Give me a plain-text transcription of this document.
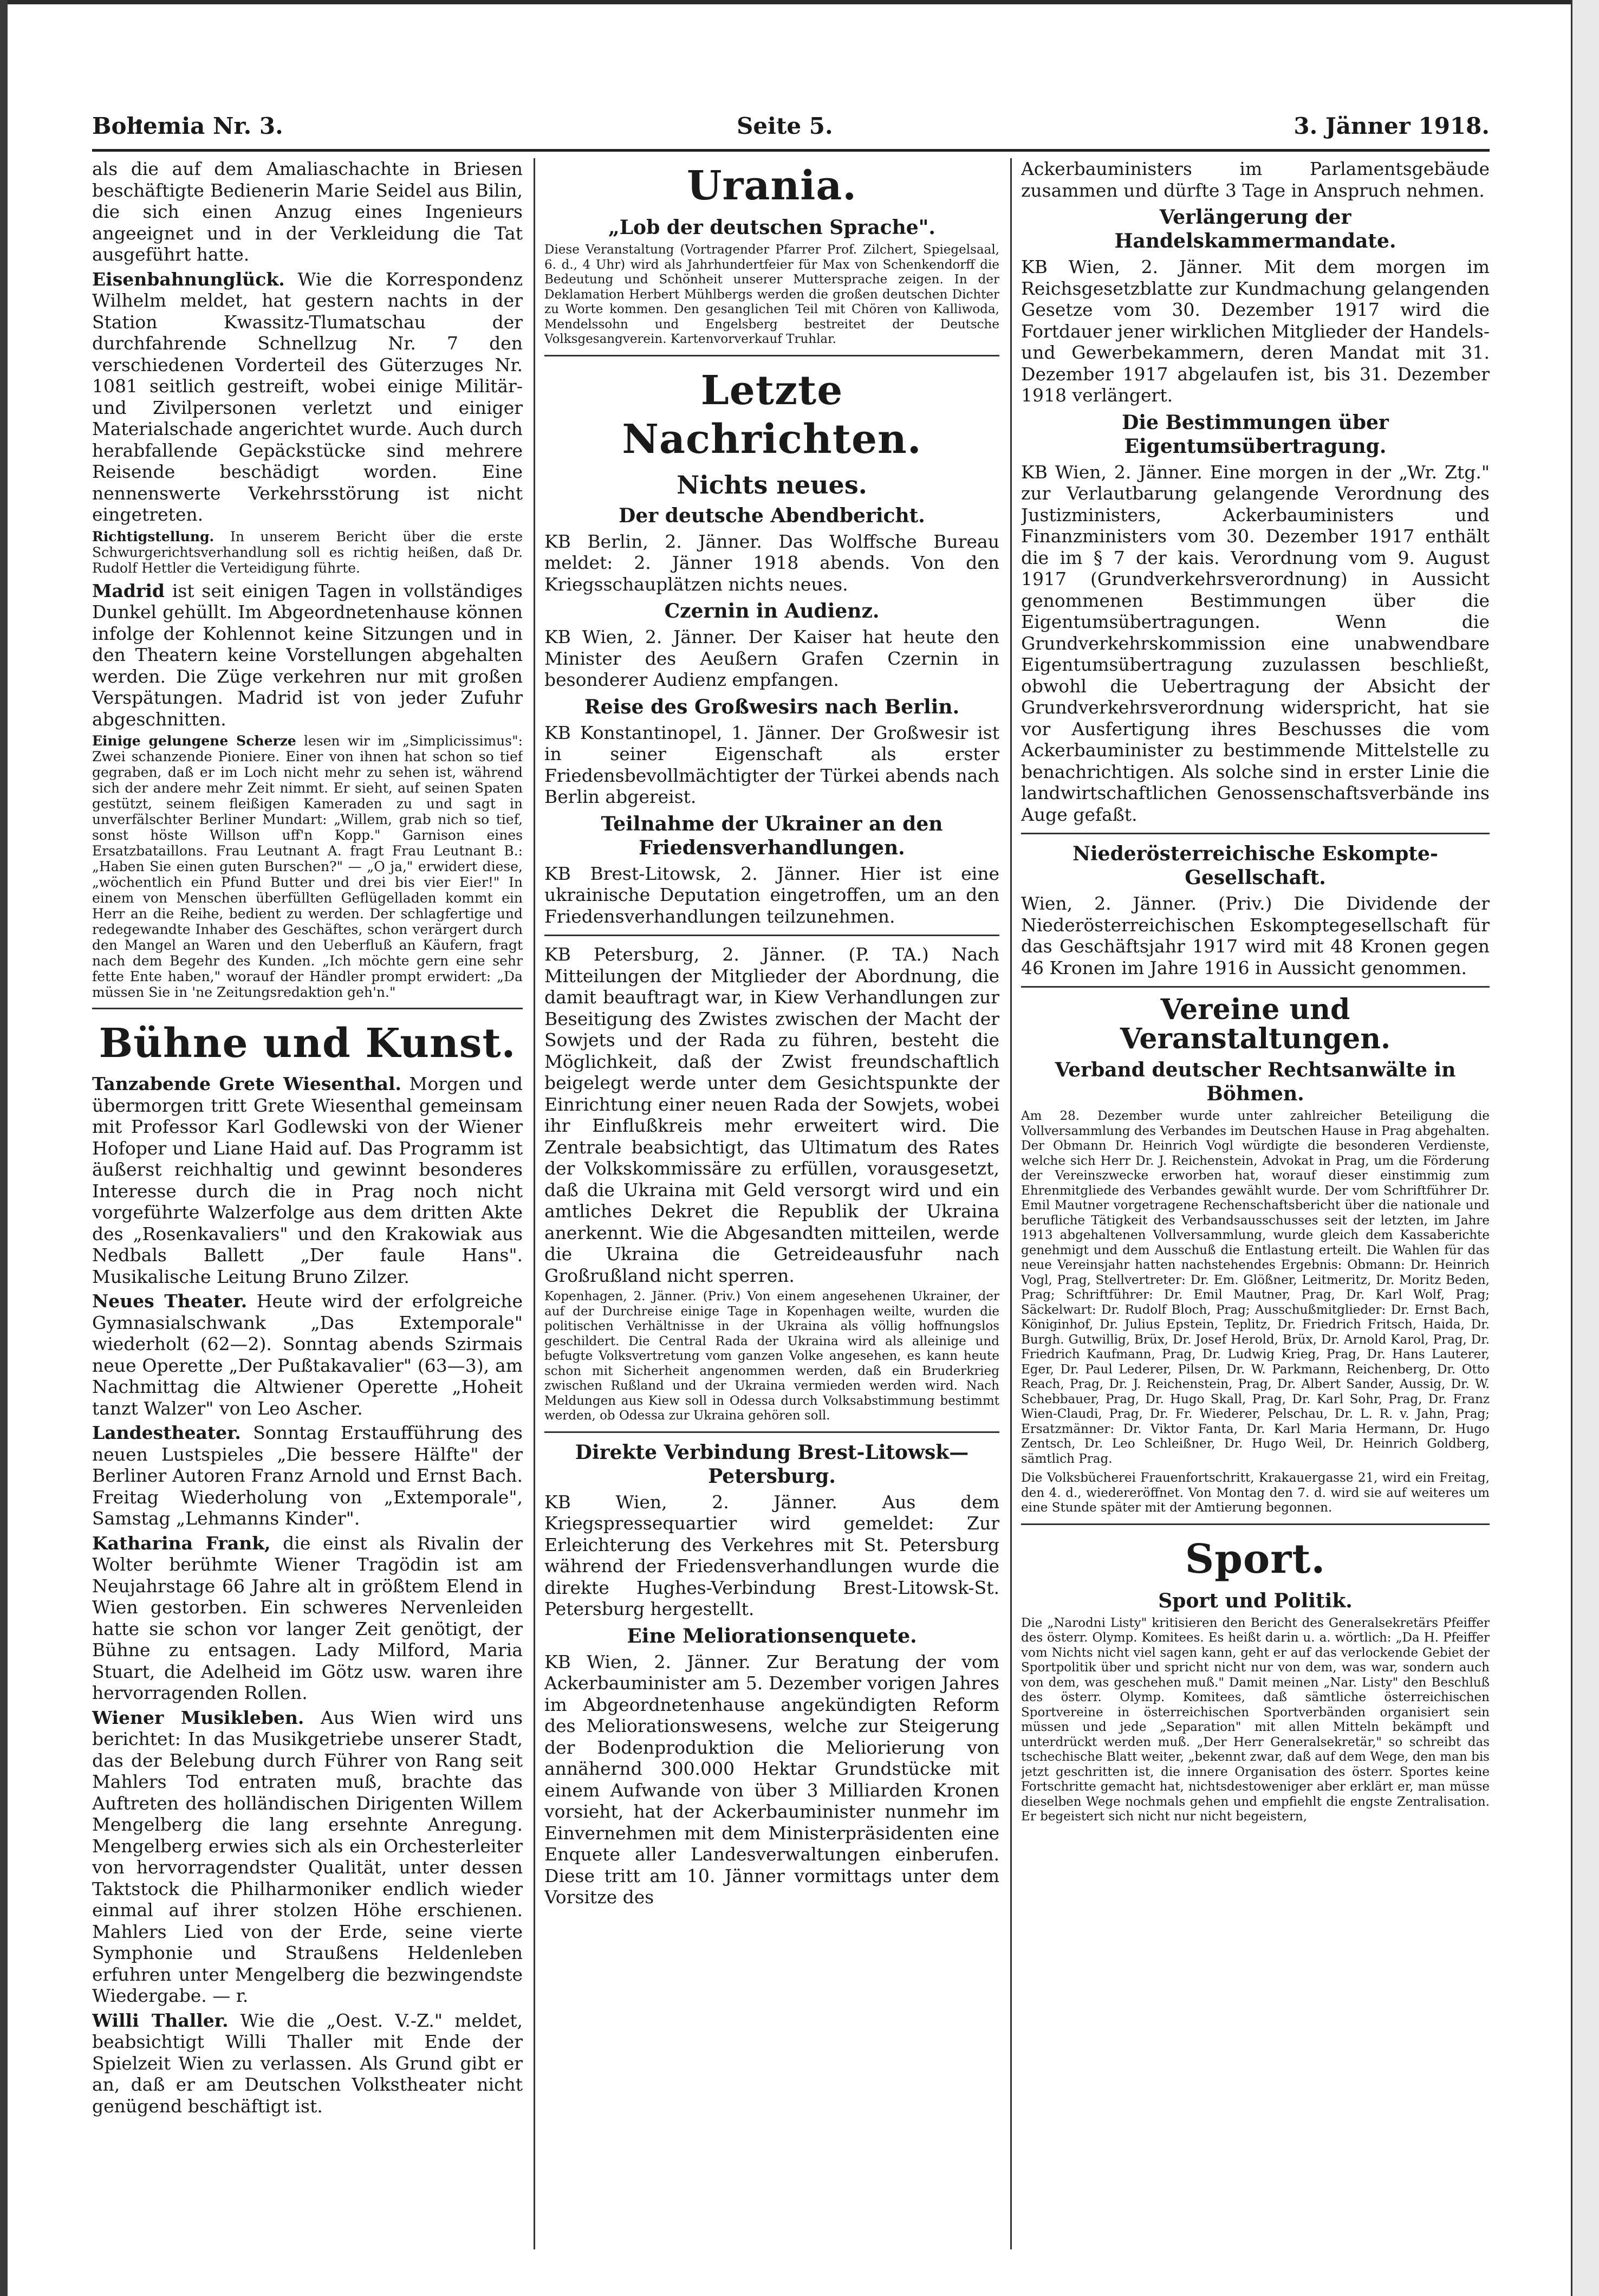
Bohemia Nr. 3.	Seite 5.	3. Jänner 1918.

als die auf dem Amaliaschachte in Briesen beschäftigte Bedienerin Marie Seidel aus Bilin, die sich einen Anzug eines Ingenieurs angeeignet und in der Verkleidung die Tat ausgeführt hatte.

Eisenbahnunglück. Wie die Korrespondenz Wilhelm meldet, hat gestern nachts in der Station Kwassitz-Tlumatschau der durchfahrende Schnellzug Nr. 7 den verschiedenen Vorderteil des Güterzuges Nr. 1081 seitlich gestreift, wobei einige Militär- und Zivilpersonen verletzt und einiger Materialschade angerichtet wurde. Auch durch herabfallende Gepäckstücke sind mehrere Reisende beschädigt worden. Eine nennenswerte Verkehrsstörung ist nicht eingetreten.

Richtigstellung. In unserem Bericht über die erste Schwurgerichtsverhandlung soll es richtig heißen, daß Dr. Rudolf Hettler die Verteidigung führte.

Madrid ist seit einigen Tagen in vollständiges Dunkel gehüllt. Im Abgeordnetenhause können infolge der Kohlennot keine Sitzungen und in den Theatern keine Vorstellungen abgehalten werden. Die Züge verkehren nur mit großen Verspätungen. Madrid ist von jeder Zufuhr abgeschnitten.

Einige gelungene Scherze lesen wir im „Simplicissimus": Zwei schanzende Pioniere. Einer von ihnen hat schon so tief gegraben, daß er im Loch nicht mehr zu sehen ist, während sich der andere mehr Zeit nimmt. Er sieht, auf seinen Spaten gestützt, seinem fleißigen Kameraden zu und sagt in unverfälschter Berliner Mundart: „Willem, grab nich so tief, sonst höste Willson uff'n Kopp." Garnison eines Ersatzbataillons. Frau Leutnant A. fragt Frau Leutnant B.: „Haben Sie einen guten Burschen?" — „O ja," erwidert diese, „wöchentlich ein Pfund Butter und drei bis vier Eier!" In einem von Menschen überfüllten Geflügelladen kommt ein Herr an die Reihe, bedient zu werden. Der schlagfertige und redegewandte Inhaber des Geschäftes, schon verärgert durch den Mangel an Waren und den Ueberfluß an Käufern, fragt nach dem Begehr des Kunden. „Ich möchte gern eine sehr fette Ente haben," worauf der Händler prompt erwidert: „Da müssen Sie in 'ne Zeitungsredaktion geh'n."

Bühne und Kunst.

Tanzabende Grete Wiesenthal. Morgen und übermorgen tritt Grete Wiesenthal gemeinsam mit Professor Karl Godlewski von der Wiener Hofoper und Liane Haid auf. Das Programm ist äußerst reichhaltig und gewinnt besonderes Interesse durch die in Prag noch nicht vorgeführte Walzerfolge aus dem dritten Akte des „Rosenkavaliers" und den Krakowiak aus Nedbals Ballett „Der faule Hans". Musikalische Leitung Bruno Zilzer.

Neues Theater. Heute wird der erfolgreiche Gymnasialschwank „Das Extemporale" wiederholt (62—2). Sonntag abends Szirmais neue Operette „Der Pußtakavalier" (63—3), am Nachmittag die Altwiener Operette „Hoheit tanzt Walzer" von Leo Ascher.

Landestheater. Sonntag Erstaufführung des neuen Lustspieles „Die bessere Hälfte" der Berliner Autoren Franz Arnold und Ernst Bach. Freitag Wiederholung von „Extemporale", Samstag „Lehmanns Kinder".

Katharina Frank, die einst als Rivalin der Wolter berühmte Wiener Tragödin ist am Neujahrstage 66 Jahre alt in größtem Elend in Wien gestorben. Ein schweres Nervenleiden hatte sie schon vor langer Zeit genötigt, der Bühne zu entsagen. Lady Milford, Maria Stuart, die Adelheid im Götz usw. waren ihre hervorragenden Rollen.

Wiener Musikleben. Aus Wien wird uns berichtet: In das Musikgetriebe unserer Stadt, das der Belebung durch Führer von Rang seit Mahlers Tod entraten muß, brachte das Auftreten des holländischen Dirigenten Willem Mengelberg die lang ersehnte Anregung. Mengelberg erwies sich als ein Orchesterleiter von hervorragendster Qualität, unter dessen Taktstock die Philharmoniker endlich wieder einmal auf ihrer stolzen Höhe erschienen. Mahlers Lied von der Erde, seine vierte Symphonie und Straußens Heldenleben erfuhren unter Mengelberg die bezwingendste Wiedergabe. — r.

Willi Thaller. Wie die „Oest. V.-Z." meldet, beabsichtigt Willi Thaller mit Ende der Spielzeit Wien zu verlassen. Als Grund gibt er an, daß er am Deutschen Volkstheater nicht genügend beschäftigt ist.

Urania.
„Lob der deutschen Sprache".

Diese Veranstaltung (Vortragender Pfarrer Prof. Zilchert, Spiegelsaal, 6. d., 4 Uhr) wird als Jahrhundertfeier für Max von Schenkendorff die Bedeutung und Schönheit unserer Muttersprache zeigen. In der Deklamation Herbert Mühlbergs werden die großen deutschen Dichter zu Worte kommen. Den gesanglichen Teil mit Chören von Kalliwoda, Mendelssohn und Engelsberg bestreitet der Deutsche Volksgesangverein. Kartenvorverkauf Truhlar.

Letzte Nachrichten.
Nichts neues.
Der deutsche Abendbericht.

KB Berlin, 2. Jänner. Das Wolffsche Bureau meldet: 2. Jänner 1918 abends. Von den Kriegsschauplätzen nichts neues.

Czernin in Audienz.

KB Wien, 2. Jänner. Der Kaiser hat heute den Minister des Aeußern Grafen Czernin in besonderer Audienz empfangen.

Reise des Großwesirs nach Berlin.

KB Konstantinopel, 1. Jänner. Der Großwesir ist in seiner Eigenschaft als erster Friedensbevollmächtigter der Türkei abends nach Berlin abgereist.

Teilnahme der Ukrainer an den Friedensverhandlungen.

KB Brest-Litowsk, 2. Jänner. Hier ist eine ukrainische Deputation eingetroffen, um an den Friedensverhandlungen teilzunehmen.

KB Petersburg, 2. Jänner. (P. TA.) Nach Mitteilungen der Mitglieder der Abordnung, die damit beauftragt war, in Kiew Verhandlungen zur Beseitigung des Zwistes zwischen der Macht der Sowjets und der Rada zu führen, besteht die Möglichkeit, daß der Zwist freundschaftlich beigelegt werde unter dem Gesichtspunkte der Einrichtung einer neuen Rada der Sowjets, wobei ihr Einflußkreis mehr erweitert wird. Die Zentrale beabsichtigt, das Ultimatum des Rates der Volkskommissäre zu erfüllen, vorausgesetzt, daß die Ukraina mit Geld versorgt wird und ein amtliches Dekret die Republik der Ukraina anerkennt. Wie die Abgesandten mitteilen, werde die Ukraina die Getreideausfuhr nach Großrußland nicht sperren.

Kopenhagen, 2. Jänner. (Priv.) Von einem angesehenen Ukrainer, der auf der Durchreise einige Tage in Kopenhagen weilte, wurden die politischen Verhältnisse in der Ukraina als völlig hoffnungslos geschildert. Die Central Rada der Ukraina wird als alleinige und befugte Volksvertretung vom ganzen Volke angesehen, es kann heute schon mit Sicherheit angenommen werden, daß ein Bruderkrieg zwischen Rußland und der Ukraina vermieden werden wird. Nach Meldungen aus Kiew soll in Odessa durch Volksabstimmung bestimmt werden, ob Odessa zur Ukraina gehören soll.

Direkte Verbindung Brest-Litowsk—Petersburg.

KB Wien, 2. Jänner. Aus dem Kriegspressequartier wird gemeldet: Zur Erleichterung des Verkehres mit St. Petersburg während der Friedensverhandlungen wurde die direkte Hughes-Verbindung Brest-Litowsk-St. Petersburg hergestellt.

Eine Meliorationsenquete.

KB Wien, 2. Jänner. Zur Beratung der vom Ackerbauminister am 5. Dezember vorigen Jahres im Abgeordnetenhause angekündigten Reform des Meliorationswesens, welche zur Steigerung der Bodenproduktion die Meliorierung von annähernd 300.000 Hektar Grundstücke mit einem Aufwande von über 3 Milliarden Kronen vorsieht, hat der Ackerbauminister nunmehr im Einvernehmen mit dem Ministerpräsidenten eine Enquete aller Landesverwaltungen einberufen. Diese tritt am 10. Jänner vormittags unter dem Vorsitze des

Ackerbauministers im Parlamentsgebäude zusammen und dürfte 3 Tage in Anspruch nehmen.

Verlängerung der Handelskammermandate.

KB Wien, 2. Jänner. Mit dem morgen im Reichsgesetzblatte zur Kundmachung gelangenden Gesetze vom 30. Dezember 1917 wird die Fortdauer jener wirklichen Mitglieder der Handels- und Gewerbekammern, deren Mandat mit 31. Dezember 1917 abgelaufen ist, bis 31. Dezember 1918 verlängert.

Die Bestimmungen über Eigentumsübertragung.

KB Wien, 2. Jänner. Eine morgen in der „Wr. Ztg." zur Verlautbarung gelangende Verordnung des Justizministers, Ackerbauministers und Finanzministers vom 30. Dezember 1917 enthält die im § 7 der kais. Verordnung vom 9. August 1917 (Grundverkehrsverordnung) in Aussicht genommenen Bestimmungen über die Eigentumsübertragungen. Wenn die Grundverkehrskommission eine unabwendbare Eigentumsübertragung zuzulassen beschließt, obwohl die Uebertragung der Absicht der Grundverkehrsverordnung widerspricht, hat sie vor Ausfertigung ihres Beschusses die vom Ackerbauminister zu bestimmende Mittelstelle zu benachrichtigen. Als solche sind in erster Linie die landwirtschaftlichen Genossenschaftsverbände ins Auge gefaßt.

Niederösterreichische Eskompte-Gesellschaft.

Wien, 2. Jänner. (Priv.) Die Dividende der Niederösterreichischen Eskomptegesellschaft für das Geschäftsjahr 1917 wird mit 48 Kronen gegen 46 Kronen im Jahre 1916 in Aussicht genommen.

Vereine und Veranstaltungen.
Verband deutscher Rechtsanwälte in Böhmen.

Am 28. Dezember wurde unter zahlreicher Beteiligung die Vollversammlung des Verbandes im Deutschen Hause in Prag abgehalten. Der Obmann Dr. Heinrich Vogl würdigte die besonderen Verdienste, welche sich Herr Dr. J. Reichenstein, Advokat in Prag, um die Förderung der Vereinszwecke erworben hat, worauf dieser einstimmig zum Ehrenmitgliede des Verbandes gewählt wurde. Der vom Schriftführer Dr. Emil Mautner vorgetragene Rechenschaftsbericht über die nationale und berufliche Tätigkeit des Verbandsausschusses seit der letzten, im Jahre 1913 abgehaltenen Vollversammlung, wurde gleich dem Kassaberichte genehmigt und dem Ausschuß die Entlastung erteilt. Die Wahlen für das neue Vereinsjahr hatten nachstehendes Ergebnis: Obmann: Dr. Heinrich Vogl, Prag, Stellvertreter: Dr. Em. Glößner, Leitmeritz, Dr. Moritz Beden, Prag; Schriftführer: Dr. Emil Mautner, Prag, Dr. Karl Wolf, Prag; Säckelwart: Dr. Rudolf Bloch, Prag; Ausschußmitglieder: Dr. Ernst Bach, Königinhof, Dr. Julius Epstein, Teplitz, Dr. Friedrich Fritsch, Haida, Dr. Burgh. Gutwillig, Brüx, Dr. Josef Herold, Brüx, Dr. Arnold Karol, Prag, Dr. Friedrich Kaufmann, Prag, Dr. Ludwig Krieg, Prag, Dr. Hans Lauterer, Eger, Dr. Paul Lederer, Pilsen, Dr. W. Parkmann, Reichenberg, Dr. Otto Reach, Prag, Dr. J. Reichenstein, Prag, Dr. Albert Sander, Aussig, Dr. W. Schebbauer, Prag, Dr. Hugo Skall, Prag, Dr. Karl Sohr, Prag, Dr. Franz Wien-Claudi, Prag, Dr. Fr. Wiederer, Pelschau, Dr. L. R. v. Jahn, Prag; Ersatzmänner: Dr. Viktor Fanta, Dr. Karl Maria Hermann, Dr. Hugo Zentsch, Dr. Leo Schleißner, Dr. Hugo Weil, Dr. Heinrich Goldberg, sämtlich Prag.

Die Volksbücherei Frauenfortschritt, Krakauergasse 21, wird ein Freitag, den 4. d., wiedereröffnet. Von Montag den 7. d. wird sie auf weiteres um eine Stunde später mit der Amtierung begonnen.

Sport.
Sport und Politik.

Die „Narodni Listy" kritisieren den Bericht des Generalsekretärs Pfeiffer des österr. Olymp. Komitees. Es heißt darin u. a. wörtlich: „Da H. Pfeiffer vom Nichts nicht viel sagen kann, geht er auf das verlockende Gebiet der Sportpolitik über und spricht nicht nur von dem, was war, sondern auch von dem, was geschehen muß." Damit meinen „Nar. Listy" den Beschluß des österr. Olymp. Komitees, daß sämtliche österreichischen Sportvereine in österreichischen Sportverbänden organisiert sein müssen und jede „Separation" mit allen Mitteln bekämpft und unterdrückt werden muß. „Der Herr Generalsekretär," so schreibt das tschechische Blatt weiter, „bekennt zwar, daß auf dem Wege, den man bis jetzt geschritten ist, die innere Organisation des österr. Sportes keine Fortschritte gemacht hat, nichtsdestoweniger aber erklärt er, man müsse dieselben Wege nochmals gehen und empfiehlt die engste Zentralisation. Er begeistert sich nicht nur nicht begeistern,
